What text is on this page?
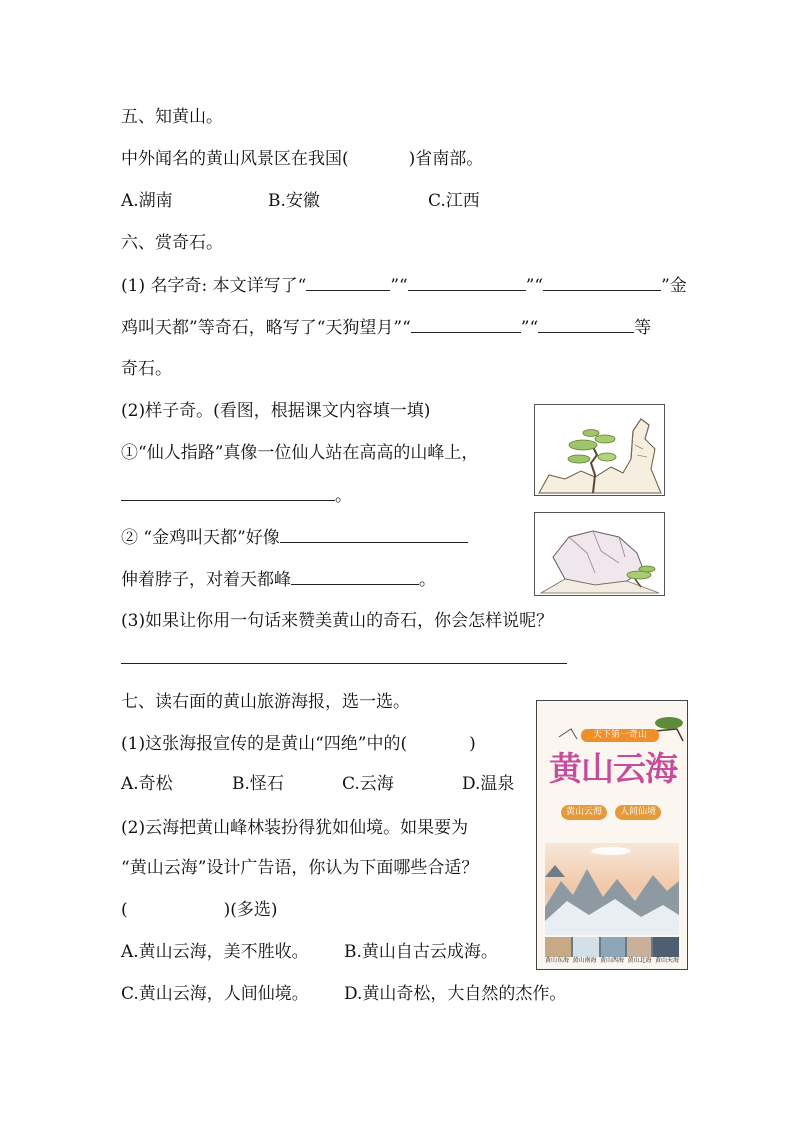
五、知黄山。
中外闻名的黄山风景区在我国(	)省南部。
A.湖南	B.安徽	C.江西
六、赏奇石。
(1) 名字奇: 本文详写了“	”“	”“	”金
鸡叫天都”等奇石，略写了“天狗望月”“	”“	等
奇石。
(2)样子奇。(看图，根据课文内容填一填)
①“仙人指路”真像一位仙人站在高高的山峰上，
。
② “金鸡叫天都”好像
伸着脖子，对着天都峰	。
(3)如果让你用一句话来赞美黄山的奇石，你会怎样说呢？
七、读右面的黄山旅游海报，选一选。
(1)这张海报宣传的是黄山“四绝”中的(	)
A.奇松	B.怪石	C.云海	D.温泉
(2)云海把黄山峰林装扮得犹如仙境。如果要为
“黄山云海”设计广告语，你认为下面哪些合适？
(	)(多选)
A.黄山云海，美不胜收。 B.黄山自古云成海。
C.黄山云海，人间仙境。 D.黄山奇松，大自然的杰作。
天下第一奇山
黄山云海
黄山云海	人间仙境
黄山东海 黄山南海 黄山西海 黄山北海 黄山天海
